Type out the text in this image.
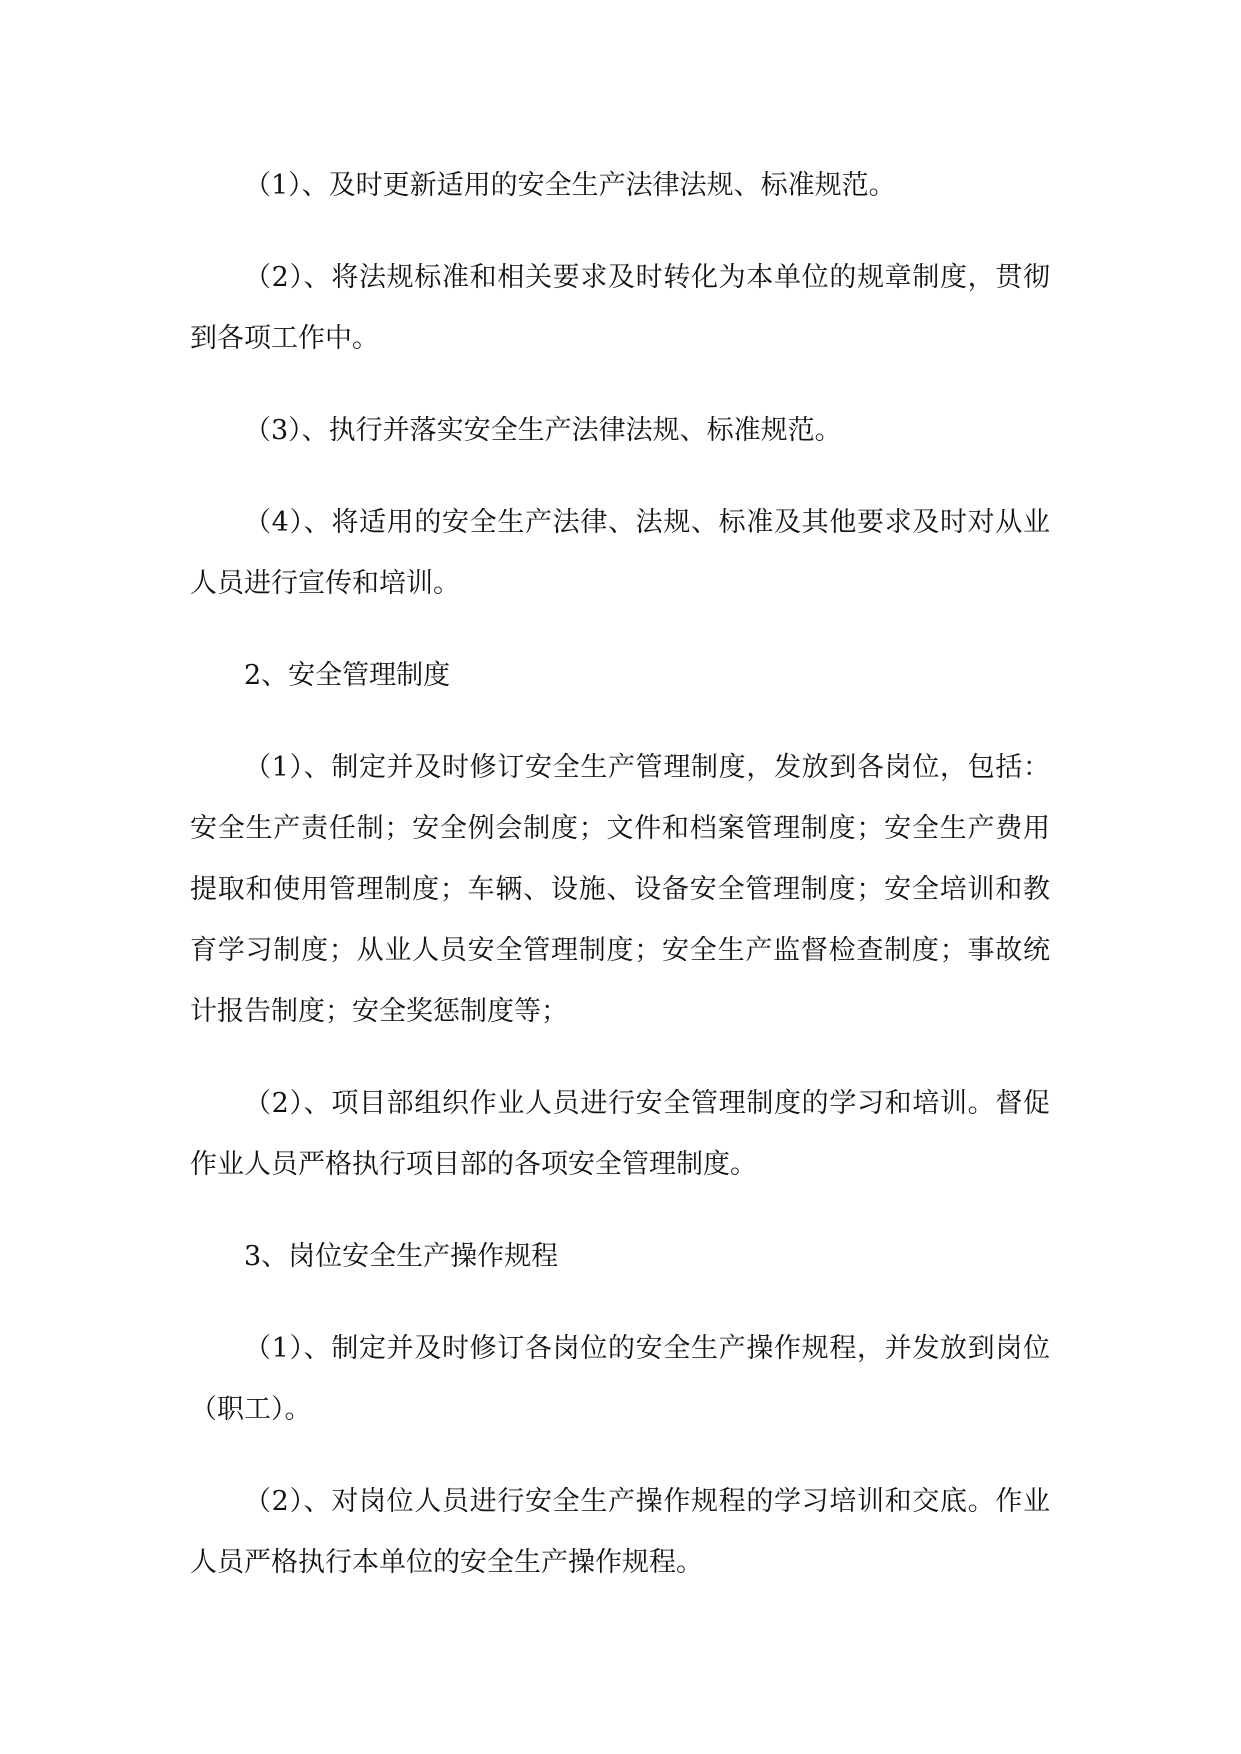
（1）、及时更新适用的安全生产法律法规、标准规范。

（2）、将法规标准和相关要求及时转化为本单位的规章制度，贯彻到各项工作中。

（3）、执行并落实安全生产法律法规、标准规范。

（4）、将适用的安全生产法律、法规、标准及其他要求及时对从业人员进行宣传和培训。

2、安全管理制度

（1）、制定并及时修订安全生产管理制度，发放到各岗位，包括：安全生产责任制；安全例会制度；文件和档案管理制度；安全生产费用提取和使用管理制度；车辆、设施、设备安全管理制度；安全培训和教育学习制度；从业人员安全管理制度；安全生产监督检查制度；事故统计报告制度；安全奖惩制度等；

（2）、项目部组织作业人员进行安全管理制度的学习和培训。督促作业人员严格执行项目部的各项安全管理制度。

3、岗位安全生产操作规程

（1）、制定并及时修订各岗位的安全生产操作规程，并发放到岗位（职工）。

（2）、对岗位人员进行安全生产操作规程的学习培训和交底。作业人员严格执行本单位的安全生产操作规程。
